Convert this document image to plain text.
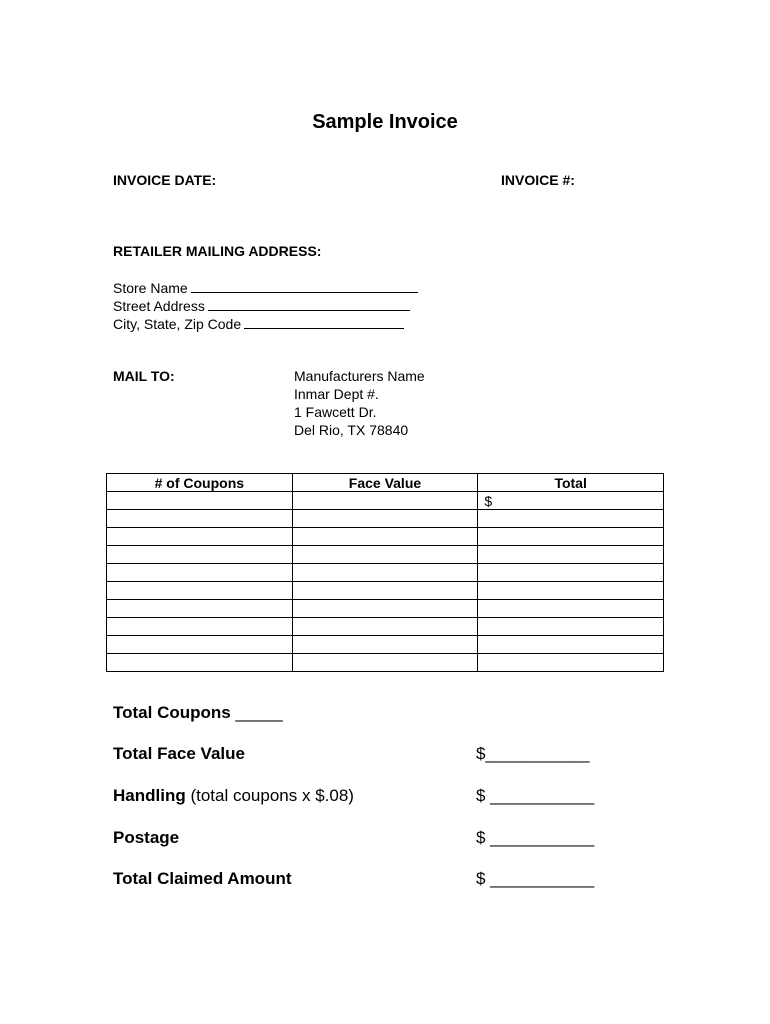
Sample Invoice
INVOICE DATE:	INVOICE #:
RETAILER MAILING ADDRESS:
Store Name
Street Address
City, State, Zip Code
MAIL TO:	Manufacturers Name
Inmar Dept #.
1 Fawcett Dr.
Del Rio, TX 78840
# of Coupons	Face Value	Total
		$

Total Coupons _____
Total Face Value	$___________
Handling (total coupons x $.08)	$ ___________
Postage	$ ___________
Total Claimed Amount	$ ___________
